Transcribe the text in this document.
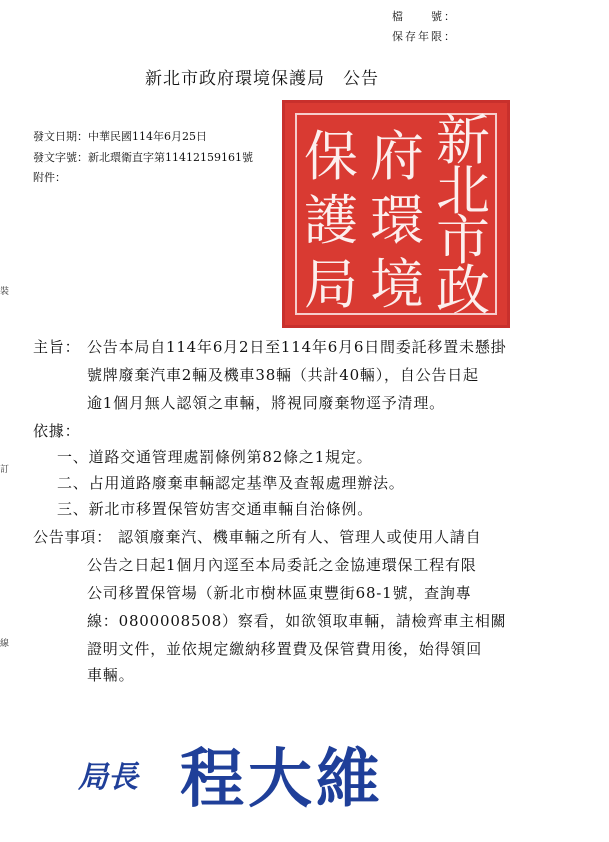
檔　　號：
保存年限：
裝
訂
線
新北市政府環境保護局　公告
發文日期：中華民國114年6月25日
發文字號：新北環衛直字第11412159161號
附件：
新
北
市
政
府
環
境
保
護
局
主旨： 公告本局自114年6月2日至114年6月6日間委託移置未懸掛
號牌廢棄汽車2輛及機車38輛（共計40輛），自公告日起
逾1個月無人認領之車輛，將視同廢棄物逕予清理。
依據：
一、道路交通管理處罰條例第82條之1規定。
二、占用道路廢棄車輛認定基準及查報處理辦法。
三、新北市移置保管妨害交通車輛自治條例。
公告事項： 認領廢棄汽、機車輛之所有人、管理人或使用人請自
公告之日起1個月內逕至本局委託之金協連環保工程有限
公司移置保管場（新北市樹林區東豐街68-1號，查詢專
線：0800008508）察看，如欲領取車輛，請檢齊車主相關
證明文件，並依規定繳納移置費及保管費用後，始得領回
車輛。
局長 程大維
